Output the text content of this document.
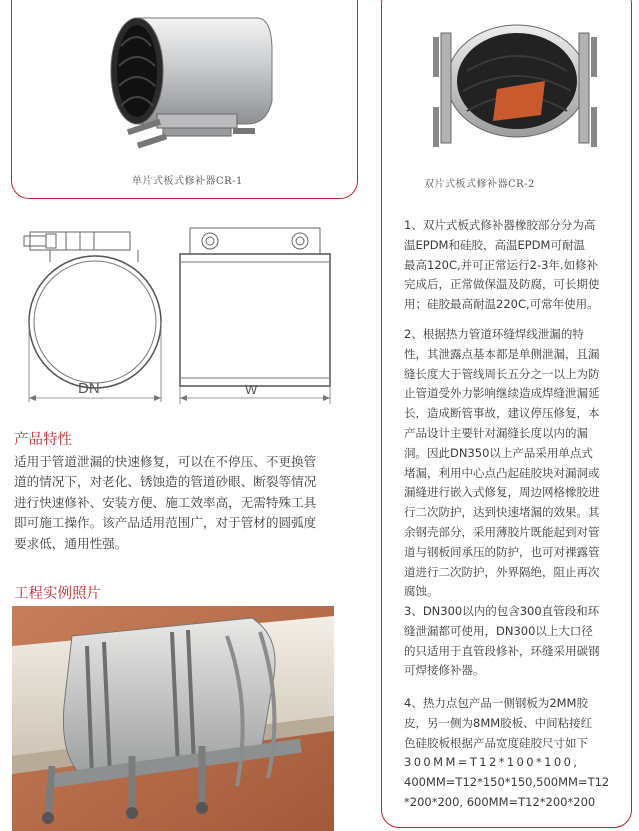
单片式板式修补器CR-1
DN	W
产品特性
适用于管道泄漏的快速修复，可以在不停压、不更换管
道的情况下，对老化、锈蚀造的管道砂眼、断裂等情况
进行快速修补、安装方便、施工效率高，无需特殊工具
即可施工操作。该产品适用范围广，对于管材的圆弧度
要求低，通用性强。
工程实例照片
双片式板式修补器CR-2
1、双片式板式修补器橡胶部分分为高
温EPDM和硅胶，高温EPDM可耐温
最高120C,并可正常运行2-3年.如修补
完成后，正常做保温及防腐，可长期使
用；硅胶最高耐温220C,可常年使用。
2、根据热力管道环缝焊线泄漏的特
性，其泄露点基本都是单侧泄漏，且漏
缝长度大于管线周长五分之一以上为防
止管道受外力影响继续造成焊缝泄漏延
长，造成断管事故，建议停压修复，本
产品设计主要针对漏缝长度以内的漏
洞。因此DN350以上产品采用单点式
堵漏，利用中心点凸起硅胶块对漏洞或
漏缝进行嵌入式修复，周边网格橡胶进
行二次防护，达到快速堵漏的效果。其
余钢壳部分，采用薄胶片既能起到对管
道与钢板间承压的防护，也可对裸露管
道进行二次防护，外界隔绝，阻止再次
腐蚀。
3、DN300以内的包含300直管段和环
缝泄漏都可使用，DN300以上大口径
的只适用于直管段修补，环缝采用碳钢
可焊接修补器。
4、热力点包产品一侧钢板为2MM胶
皮，另一侧为8MM胶板、中间粘接红
色硅胶板根据产品宽度硅胶尺寸如下
300MM=T12*100*100,
400MM=T12*150*150,500MM=T12
*200*200, 600MM=T12*200*200
